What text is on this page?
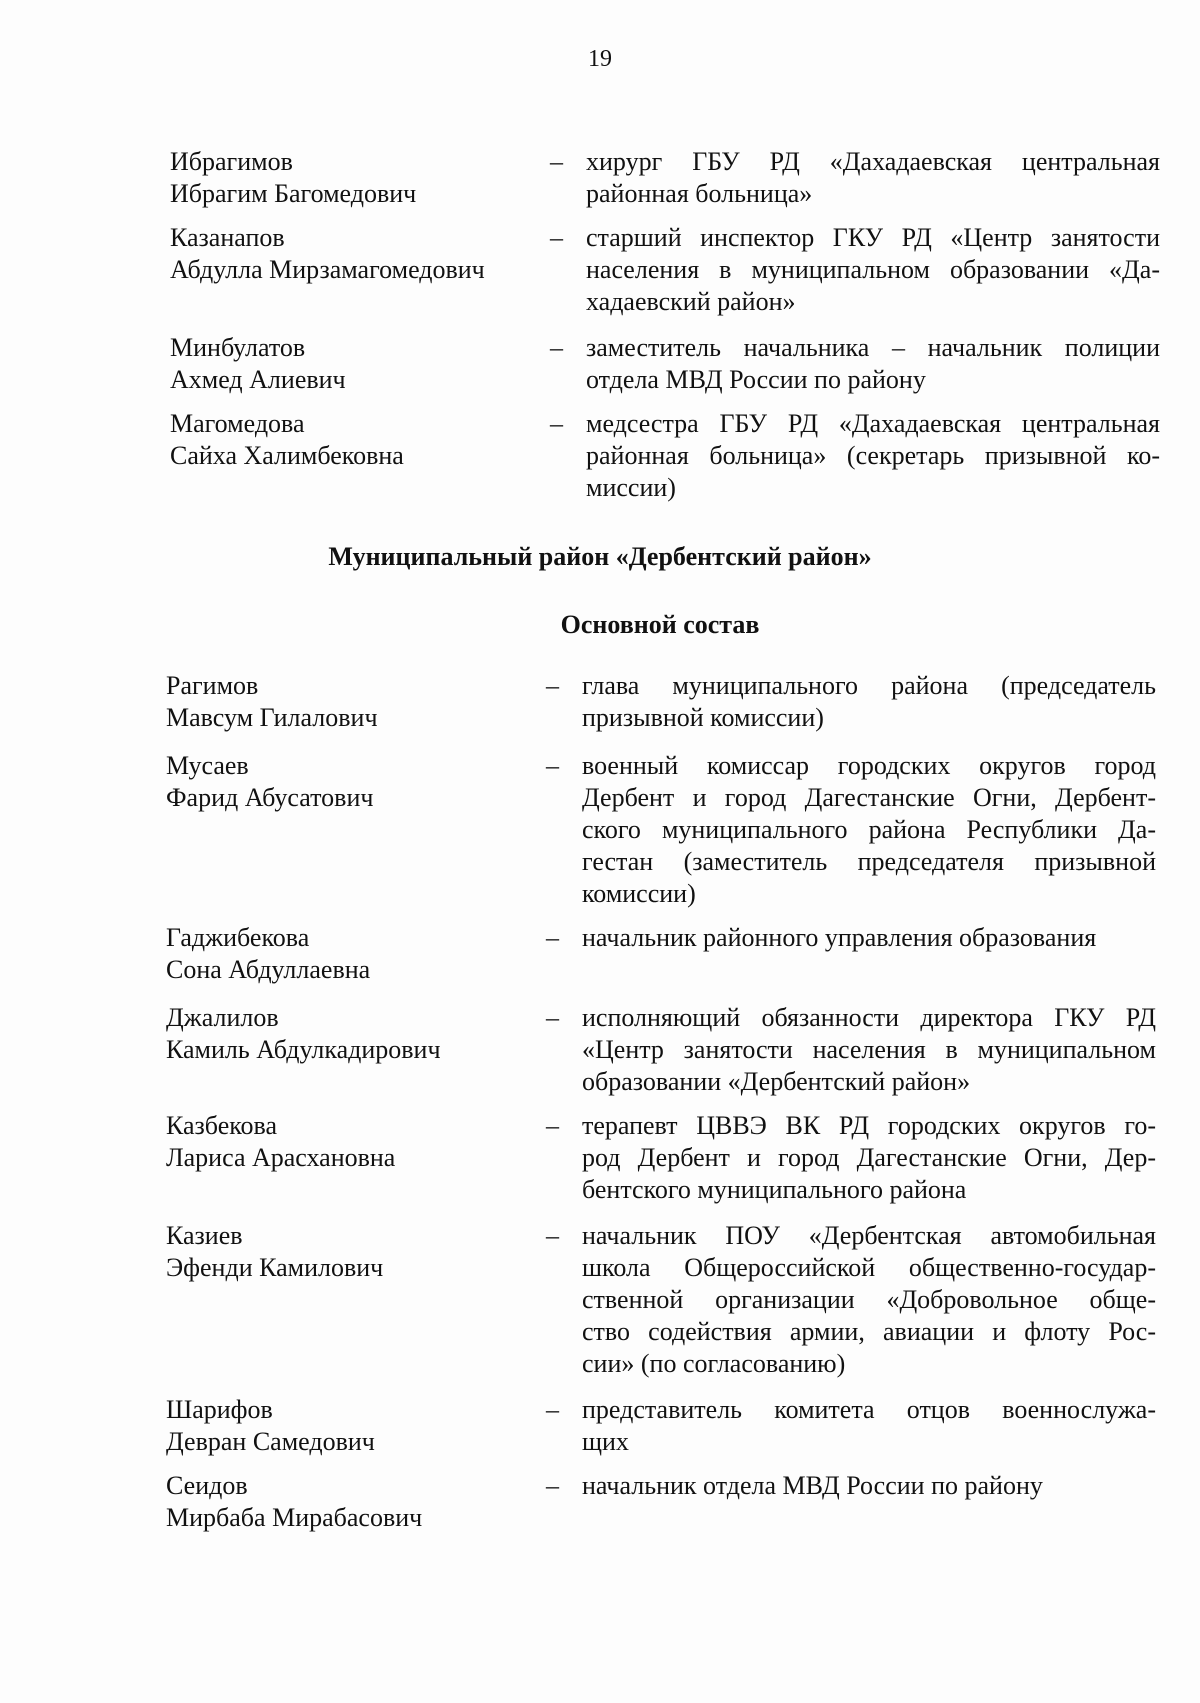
19
Ибрагимов
Ибрагим Багомедович
– хирург ГБУ РД «Дахадаевская центральная
районная больница»
Казанапов
Абдулла Мирзамагомедович
– старший инспектор ГКУ РД «Центр занятости
населения в муниципальном образовании «Да-
хадаевский район»
Минбулатов
Ахмед Алиевич
– заместитель начальника – начальник полиции
отдела МВД России по району
Магомедова
Сайха Халимбековна
– медсестра ГБУ РД «Дахадаевская центральная
районная больница» (секретарь призывной ко-
миссии)
Муниципальный район «Дербентский район»
Основной состав
Рагимов
Мавсум Гилалович
– глава муниципального района (председатель
призывной комиссии)
Мусаев
Фарид Абусатович
– военный комиссар городских округов город
Дербент и город Дагестанские Огни, Дербент-
ского муниципального района Республики Да-
гестан (заместитель председателя призывной
комиссии)
Гаджибекова
Сона Абдуллаевна
– начальник районного управления образования
Джалилов
Камиль Абдулкадирович
– исполняющий обязанности директора ГКУ РД
«Центр занятости населения в муниципальном
образовании «Дербентский район»
Казбекова
Лариса Арасхановна
– терапевт ЦВВЭ ВК РД городских округов го-
род Дербент и город Дагестанские Огни, Дер-
бентского муниципального района
Казиев
Эфенди Камилович
– начальник ПОУ «Дербентская автомобильная
школа Общероссийской общественно-государ-
ственной организации «Добровольное обще-
ство содействия армии, авиации и флоту Рос-
сии» (по согласованию)
Шарифов
Девран Самедович
– представитель комитета отцов военнослужа-
щих
Сеидов
Мирбаба Мирабасович
– начальник отдела МВД России по району
